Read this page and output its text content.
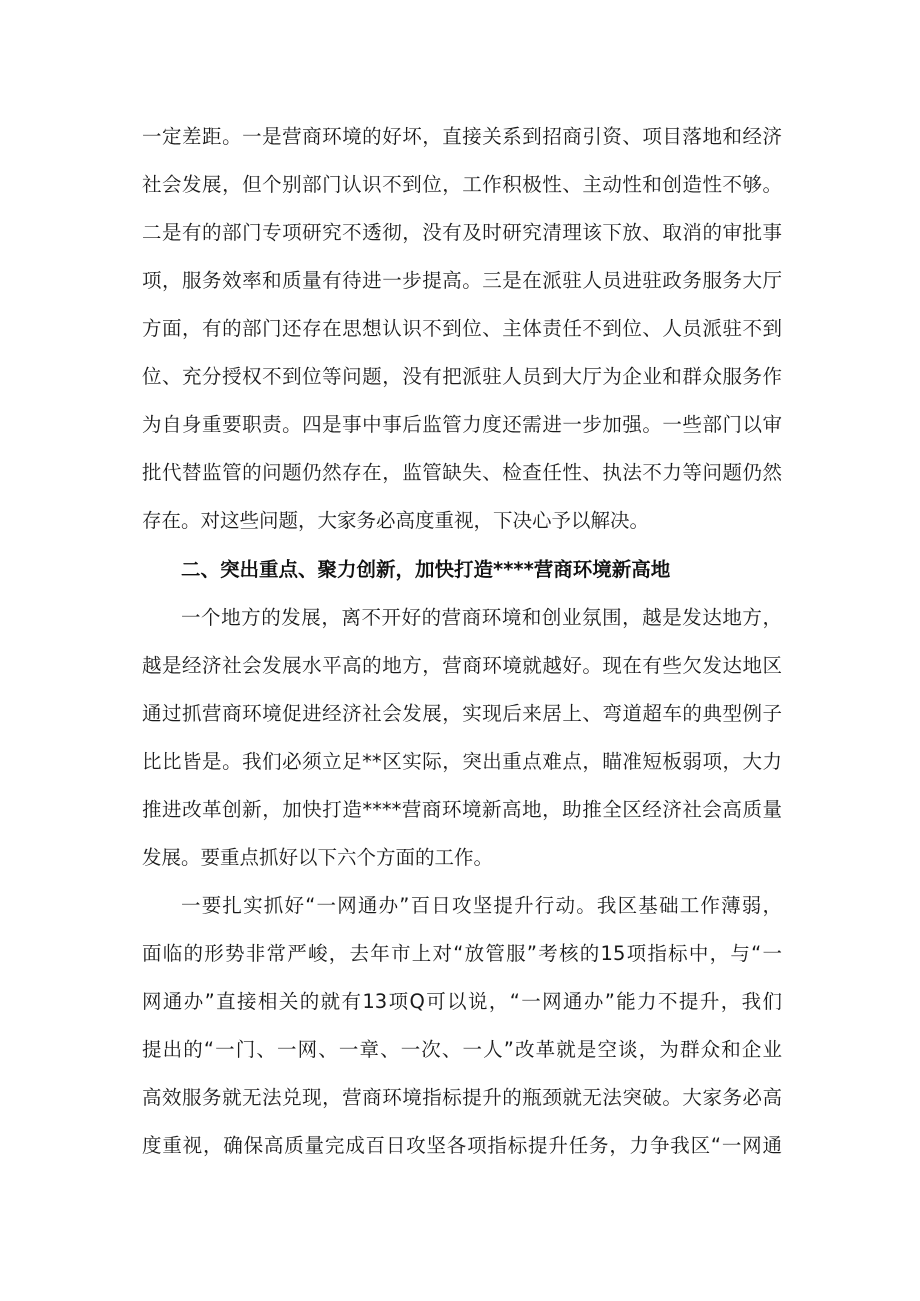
一定差距。一是营商环境的好坏，直接关系到招商引资、项目落地和经济
社会发展，但个别部门认识不到位，工作积极性、主动性和创造性不够。
二是有的部门专项研究不透彻，没有及时研究清理该下放、取消的审批事
项，服务效率和质量有待进一步提高。三是在派驻人员进驻政务服务大厅
方面，有的部门还存在思想认识不到位、主体责任不到位、人员派驻不到
位、充分授权不到位等问题，没有把派驻人员到大厅为企业和群众服务作
为自身重要职责。四是事中事后监管力度还需进一步加强。一些部门以审
批代替监管的问题仍然存在，监管缺失、检查任性、执法不力等问题仍然
存在。对这些问题，大家务必高度重视，下决心予以解决。
二、突出重点、聚力创新，加快打造****营商环境新高地
一个地方的发展，离不开好的营商环境和创业氛围，越是发达地方，
越是经济社会发展水平高的地方，营商环境就越好。现在有些欠发达地区
通过抓营商环境促进经济社会发展，实现后来居上、弯道超车的典型例子
比比皆是。我们必须立足**区实际，突出重点难点，瞄准短板弱项，大力
推进改革创新，加快打造****营商环境新高地，助推全区经济社会高质量
发展。要重点抓好以下六个方面的工作。
一要扎实抓好“一网通办”百日攻坚提升行动。我区基础工作薄弱，
面临的形势非常严峻，去年市上对“放管服”考核的15项指标中，与“一
网通办”直接相关的就有13项Q可以说，“一网通办”能力不提升，我们
提出的“一门、一网、一章、一次、一人”改革就是空谈，为群众和企业
高效服务就无法兑现，营商环境指标提升的瓶颈就无法突破。大家务必高
度重视，确保高质量完成百日攻坚各项指标提升任务，力争我区“一网通
